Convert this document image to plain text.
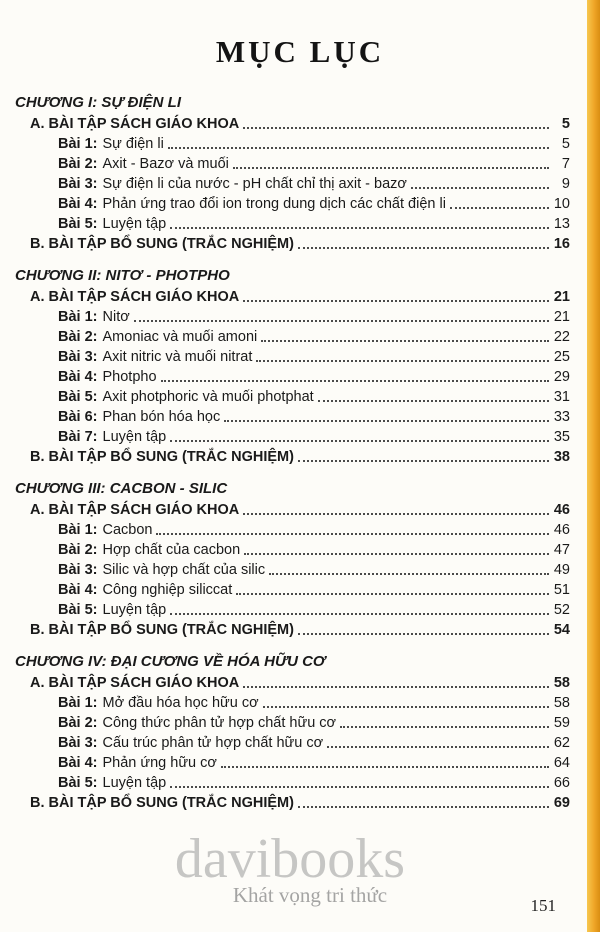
MỤC LỤC
CHƯƠNG I: SỰ ĐIỆN LI
A. BÀI TẬP SÁCH GIÁO KHOA	5
Bài 1: Sự điện li	5
Bài 2: Axit - Bazơ và muối	7
Bài 3: Sự điện li của nước - pH chất chỉ thị axit - bazơ	9
Bài 4: Phản ứng trao đổi ion trong dung dịch các chất điện li	10
Bài 5: Luyện tập	13
B. BÀI TẬP BỔ SUNG (TRẮC NGHIỆM)	16
CHƯƠNG II: NITƠ - PHOTPHO
A. BÀI TẬP SÁCH GIÁO KHOA	21
Bài 1: Nitơ	21
Bài 2: Amoniac và muối amoni	22
Bài 3: Axit nitric và muối nitrat	25
Bài 4: Photpho	29
Bài 5: Axit photphoric và muối photphat	31
Bài 6: Phan bón hóa học	33
Bài 7: Luyện tập	35
B. BÀI TẬP BỔ SUNG (TRẮC NGHIỆM)	38
CHƯƠNG III: CACBON - SILIC
A. BÀI TẬP SÁCH GIÁO KHOA	46
Bài 1: Cacbon	46
Bài 2: Hợp chất của cacbon	47
Bài 3: Silic và hợp chất của silic	49
Bài 4: Công nghiệp siliccat	51
Bài 5: Luyện tập	52
B. BÀI TẬP BỔ SUNG (TRẮC NGHIỆM)	54
CHƯƠNG IV: ĐẠI CƯƠNG VỀ HÓA HỮU CƠ
A. BÀI TẬP SÁCH GIÁO KHOA	58
Bài 1: Mở đầu hóa học hữu cơ	58
Bài 2: Công thức phân tử hợp chất hữu cơ	59
Bài 3: Cấu trúc phân tử hợp chất hữu cơ	62
Bài 4: Phản ứng hữu cơ	64
Bài 5: Luyện tập	66
B. BÀI TẬP BỔ SUNG (TRẮC NGHIỆM)	69
davibooks
Khát vọng tri thức	151
